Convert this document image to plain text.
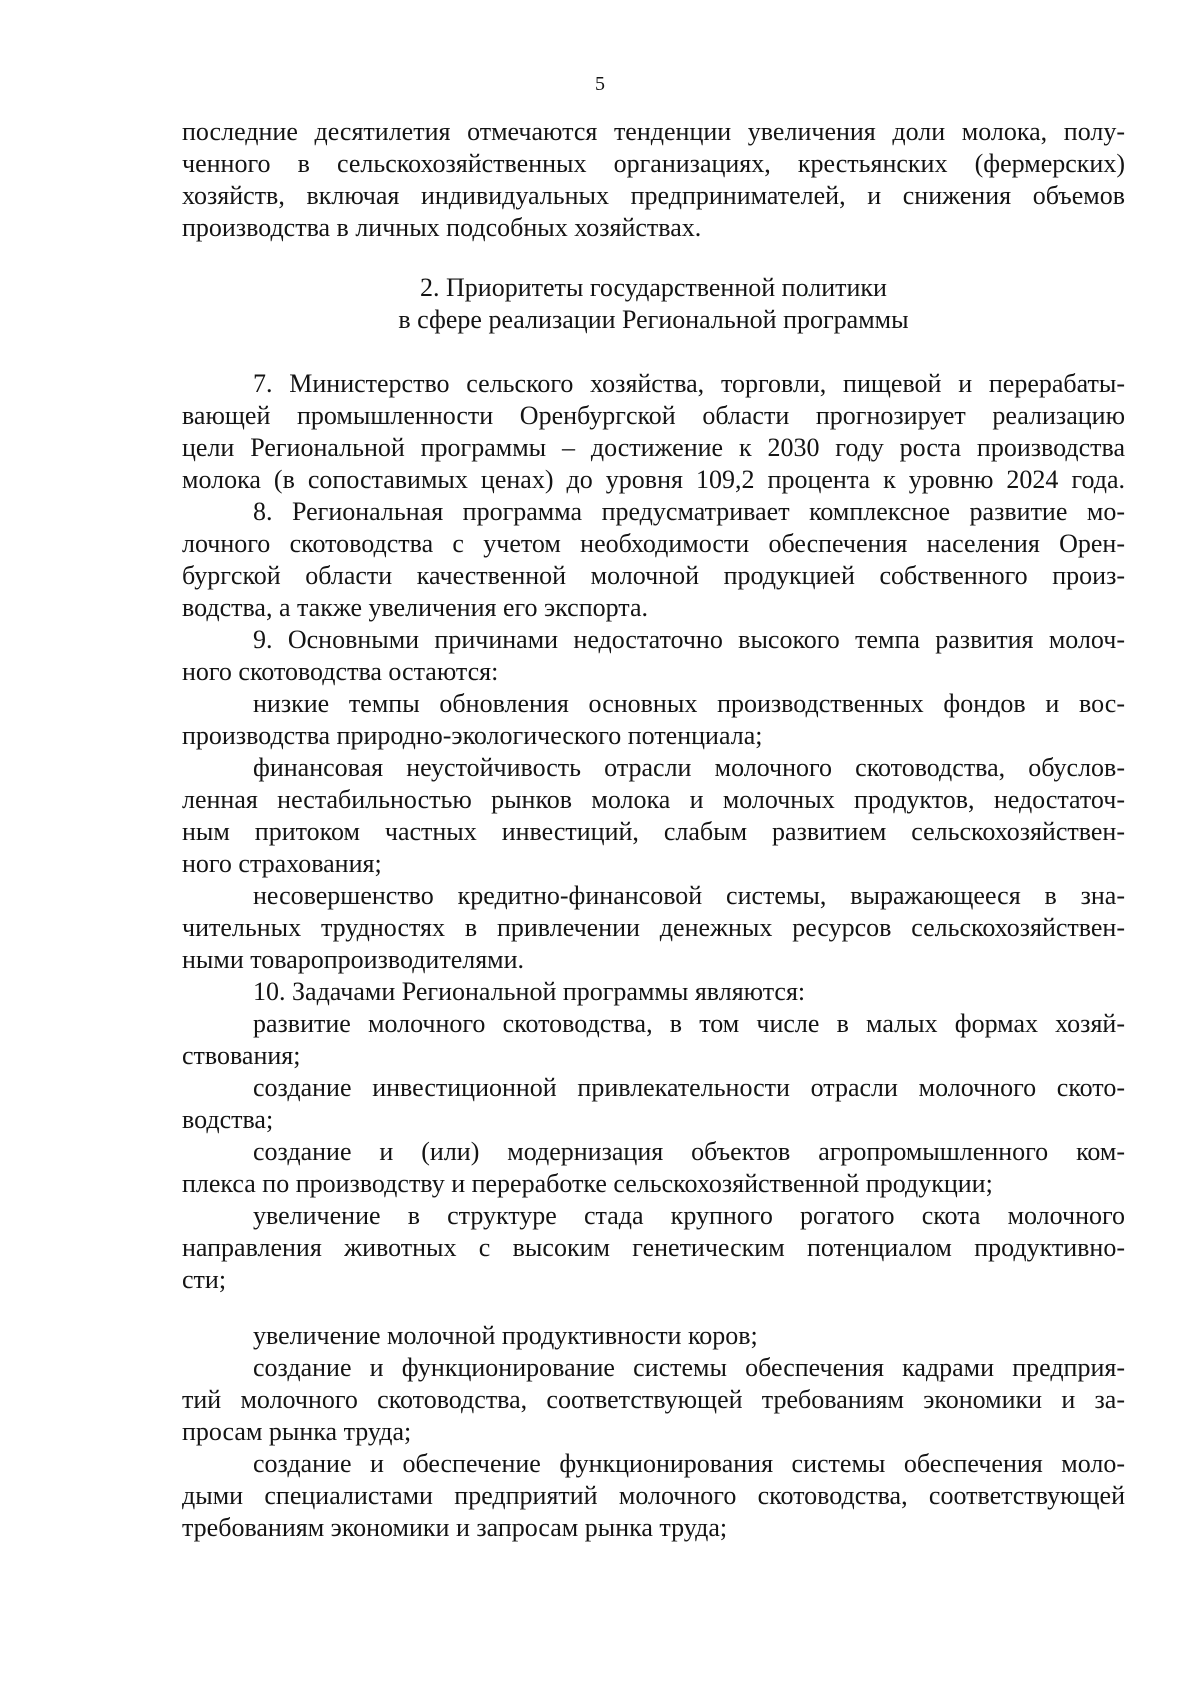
5
последние десятилетия отмечаются тенденции увеличения доли молока, полу-
ченного в сельскохозяйственных организациях, крестьянских (фермерских)
хозяйств, включая индивидуальных предпринимателей, и снижения объемов
производства в личных подсобных хозяйствах.
2. Приоритеты государственной политики
в сфере реализации Региональной программы
7. Министерство сельского хозяйства, торговли, пищевой и перерабаты-
вающей промышленности Оренбургской области прогнозирует реализацию
цели Региональной программы – достижение к 2030 году роста производства
молока (в сопоставимых ценах) до уровня 109,2 процента к уровню 2024 года.
8. Региональная программа предусматривает комплексное развитие мо-
лочного скотоводства с учетом необходимости обеспечения населения Орен-
бургской области качественной молочной продукцией собственного произ-
водства, а также увеличения его экспорта.
9. Основными причинами недостаточно высокого темпа развития молоч-
ного скотоводства остаются:
низкие темпы обновления основных производственных фондов и вос-
производства природно-экологического потенциала;
финансовая неустойчивость отрасли молочного скотоводства, обуслов-
ленная нестабильностью рынков молока и молочных продуктов, недостаточ-
ным притоком частных инвестиций, слабым развитием сельскохозяйствен-
ного страхования;
несовершенство кредитно-финансовой системы, выражающееся в зна-
чительных трудностях в привлечении денежных ресурсов сельскохозяйствен-
ными товаропроизводителями.
10. Задачами Региональной программы являются:
развитие молочного скотоводства, в том числе в малых формах хозяй-
ствования;
создание инвестиционной привлекательности отрасли молочного ското-
водства;
создание и (или) модернизация объектов агропромышленного ком-
плекса по производству и переработке сельскохозяйственной продукции;
увеличение в структуре стада крупного рогатого скота молочного
направления животных с высоким генетическим потенциалом продуктивно-
сти;
увеличение молочной продуктивности коров;
создание и функционирование системы обеспечения кадрами предприя-
тий молочного скотоводства, соответствующей требованиям экономики и за-
просам рынка труда;
создание и обеспечение функционирования системы обеспечения моло-
дыми специалистами предприятий молочного скотоводства, соответствующей
требованиям экономики и запросам рынка труда;
